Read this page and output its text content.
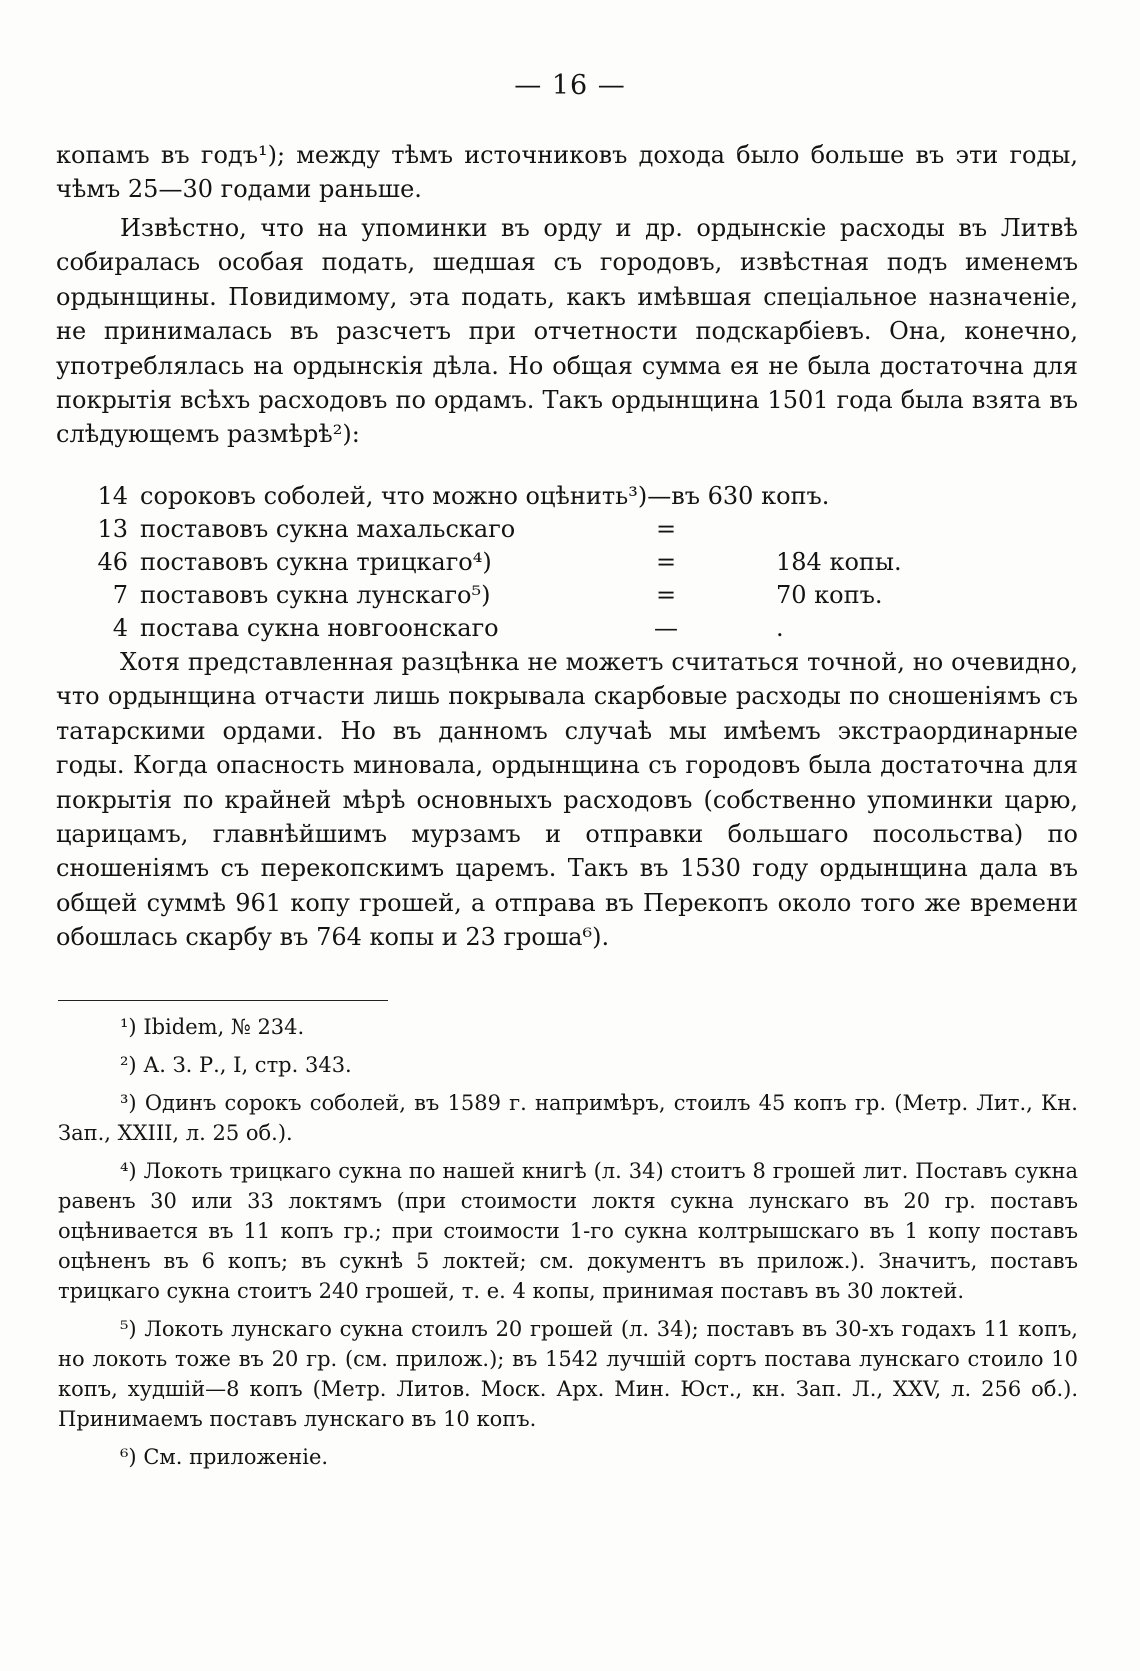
— 16 —
копамъ въ годъ¹); между тѣмъ источниковъ дохода было больше въ эти годы, чѣмъ 25—30 годами раньше.
Извѣстно, что на упоминки въ орду и др. ордынскіе расходы въ Литвѣ собиралась особая подать, шедшая съ городовъ, извѣстная подъ именемъ ордынщины. Повидимому, эта подать, какъ имѣвшая спеціальное назначеніе, не принималась въ разсчетъ при отчетности подскарбіевъ. Она, конечно, употреблялась на ордынскія дѣла. Но общая сумма ея не была достаточна для покрытія всѣхъ расходовъ по ордамъ. Такъ ордынщина 1501 года была взята въ слѣдующемъ размѣрѣ²):
14 сороковъ соболей, что можно оцѣнить³)—въ 630 копъ.
13 поставовъ сукна махальскаго	=
46 поставовъ сукна трицкаго⁴)	=	184 копы.
7 поставовъ сукна лунскаго⁵)	=	70 копъ.
4 постава сукна новгоонскаго	—	.
Хотя представленная разцѣнка не можетъ считаться точной, но очевидно, что ордынщина отчасти лишь покрывала скарбовые расходы по сношеніямъ съ татарскими ордами. Но въ данномъ случаѣ мы имѣемъ экстраординарные годы. Когда опасность миновала, ордынщина съ городовъ была достаточна для покрытія по крайней мѣрѣ основныхъ расходовъ (собственно упоминки царю, царицамъ, главнѣйшимъ мурзамъ и отправки большаго посольства) по сношеніямъ съ перекопскимъ царемъ. Такъ въ 1530 году ордынщина дала въ общей суммѣ 961 копу грошей, а отправа въ Перекопъ около того же времени обошлась скарбу въ 764 копы и 23 гроша⁶).

¹) Ibidem, № 234.

²) А. З. Р., I, стр. 343.

³) Одинъ сорокъ соболей, въ 1589 г. напримѣръ, стоилъ 45 копъ гр. (Метр. Лит., Кн. Зап., XXIII, л. 25 об.).

⁴) Локоть трицкаго сукна по нашей книгѣ (л. 34) стоитъ 8 грошей лит. Поставъ сукна равенъ 30 или 33 локтямъ (при стоимости локтя сукна лунскаго въ 20 гр. поставъ оцѣнивается въ 11 копъ гр.; при стоимости 1-го сукна колтрышскаго въ 1 копу поставъ оцѣненъ въ 6 копъ; въ сукнѣ 5 локтей; см. документъ въ прилож.). Значитъ, поставъ трицкаго сукна стоитъ 240 грошей, т. е. 4 копы, принимая поставъ въ 30 локтей.

⁵) Локоть лунскаго сукна стоилъ 20 грошей (л. 34); поставъ въ 30-хъ годахъ 11 копъ, но локоть тоже въ 20 гр. (см. прилож.); въ 1542 лучшій сортъ постава лунскаго стоило 10 копъ, худшій—8 копъ (Метр. Литов. Моск. Арх. Мин. Юст., кн. Зап. Л., XXV, л. 256 об.). Принимаемъ поставъ лунскаго въ 10 копъ.

⁶) См. приложеніе.
